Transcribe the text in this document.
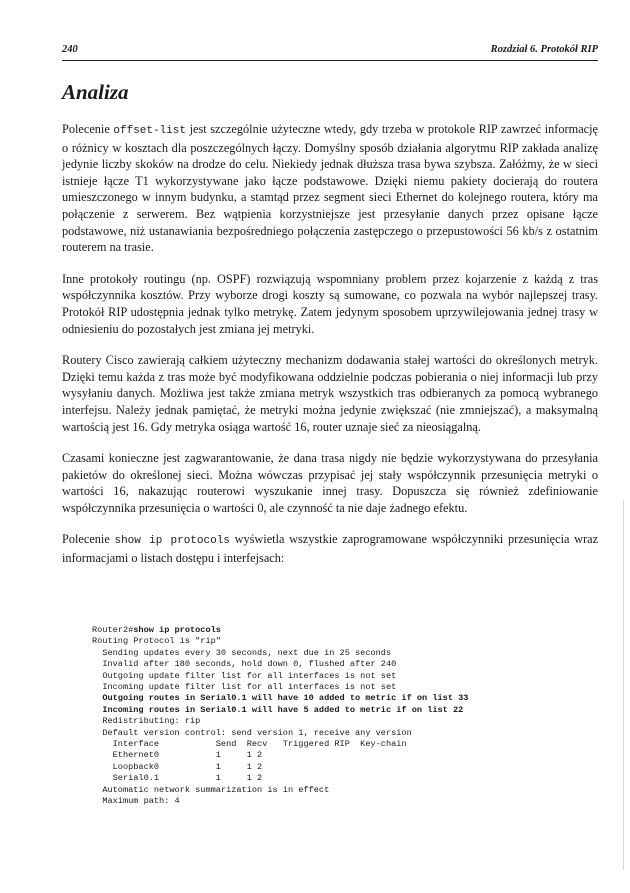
240	Rozdział 6. Protokół RIP
Analiza

Polecenie offset-list jest szczególnie użyteczne wtedy, gdy trzeba w protokole RIP zawrzeć informację o różnicy w kosztach dla poszczególnych łączy. Domyślny sposób działania algorytmu RIP zakłada analizę jedynie liczby skoków na drodze do celu. Niekiedy jednak dłuższa trasa bywa szybsza. Załóżmy, że w sieci istnieje łącze T1 wykorzystywane jako łącze podstawowe. Dzięki niemu pakiety docierają do routera umieszczonego w innym budynku, a stamtąd przez segment sieci Ethernet do kolejnego routera, który ma połączenie z serwerem. Bez wątpienia korzystniejsze jest przesyłanie danych przez opisane łącze podstawowe, niż ustanawiania bezpośredniego połączenia zastępczego o przepustowości 56 kb/s z ostatnim routerem na trasie.

Inne protokoły routingu (np. OSPF) rozwiązują wspomniany problem przez kojarzenie z każdą z tras współczynnika kosztów. Przy wyborze drogi koszty są sumowane, co pozwala na wybór najlepszej trasy. Protokół RIP udostępnia jednak tylko metrykę. Zatem jedynym sposobem uprzywilejowania jednej trasy w odniesieniu do pozostałych jest zmiana jej metryki.

Routery Cisco zawierają całkiem użyteczny mechanizm dodawania stałej wartości do określonych metryk. Dzięki temu każda z tras może być modyfikowana oddzielnie podczas pobierania o niej informacji lub przy wysyłaniu danych. Możliwa jest także zmiana metryk wszystkich tras odbieranych za pomocą wybranego interfejsu. Należy jednak pamiętać, że metryki można jedynie zwiększać (nie zmniejszać), a maksymalną wartością jest 16. Gdy metryka osiąga wartość 16, router uznaje sieć za nieosiągalną.

Czasami konieczne jest zagwarantowanie, że dana trasa nigdy nie będzie wykorzystywana do przesyłania pakietów do określonej sieci. Można wówczas przypisać jej stały współczynnik przesunięcia metryki o wartości 16, nakazując routerowi wyszukanie innej trasy. Dopuszcza się również zdefiniowanie współczynnika przesunięcia o wartości 0, ale czynność ta nie daje żadnego efektu.

Polecenie show ip protocols wyświetla wszystkie zaprogramowane współczynniki przesunięcia wraz informacjami o listach dostępu i interfejsach:

Router2#show ip protocols
Routing Protocol is "rip"
Sending updates every 30 seconds, next due in 25 seconds
Invalid after 180 seconds, hold down 0, flushed after 240
Outgoing update filter list for all interfaces is not set
Incoming update filter list for all interfaces is not set
Outgoing routes in Serial0.1 will have 10 added to metric if on list 33
Incoming routes in Serial0.1 will have 5 added to metric if on list 22
Redistributing: rip
Default version control: send version 1, receive any version
Interface           Send  Recv   Triggered RIP  Key-chain
Ethernet0           1     1 2
Loopback0           1     1 2
Serial0.1           1     1 2
Automatic network summarization is in effect
Maximum path: 4
